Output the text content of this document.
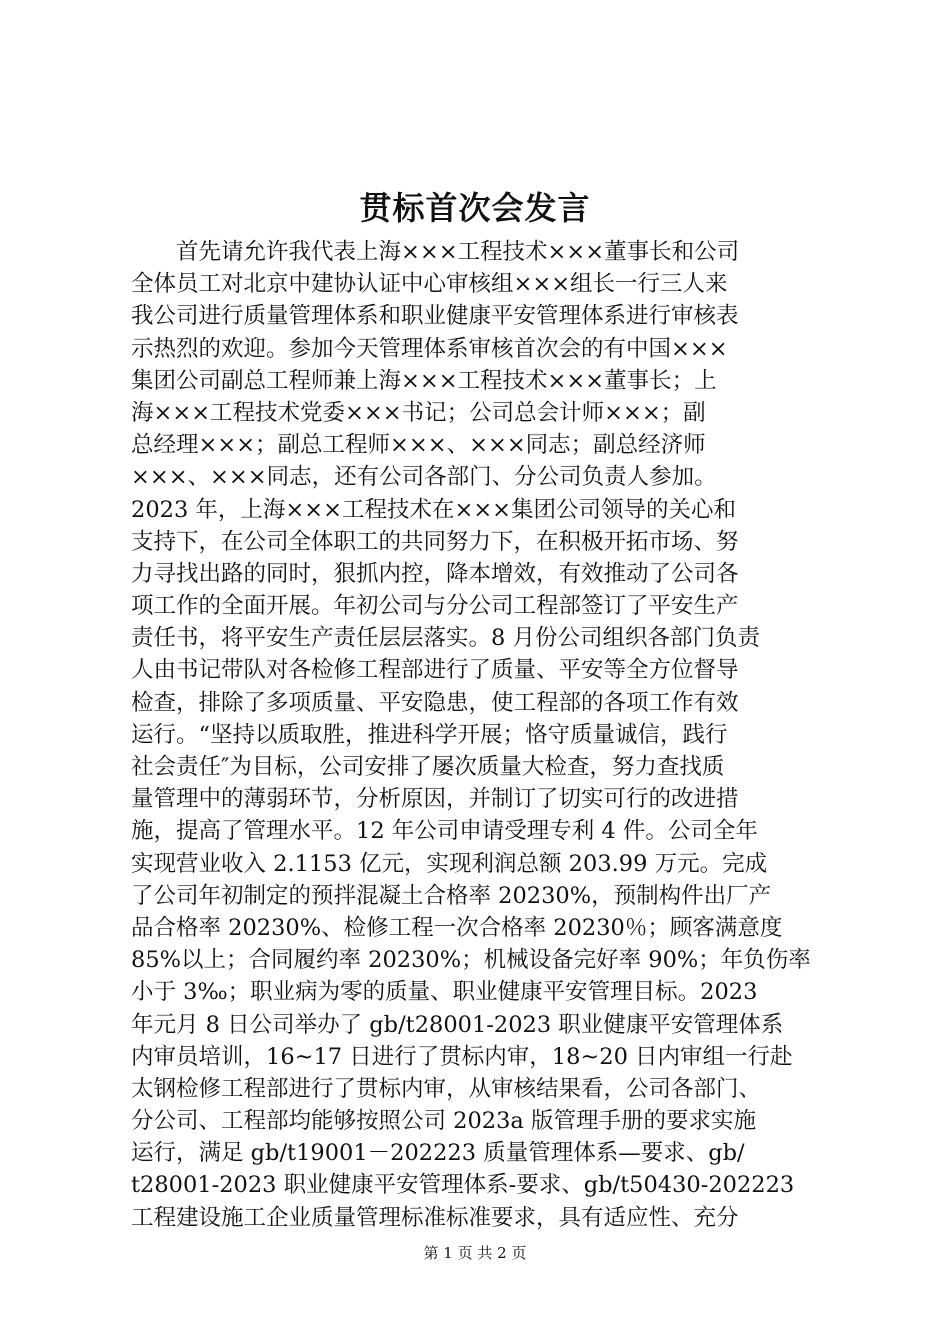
贯标首次会发言
　　首先请允许我代表上海×××工程技术×××董事长和公司
全体员工对北京中建协认证中心审核组×××组长一行三人来
我公司进行质量管理体系和职业健康平安管理体系进行审核表
示热烈的欢迎。参加今天管理体系审核首次会的有中国×××
集团公司副总工程师兼上海×××工程技术×××董事长；上
海×××工程技术党委×××书记；公司总会计师×××；副
总经理×××；副总工程师×××、×××同志；副总经济师
×××、×××同志，还有公司各部门、分公司负责人参加。
2023 年，上海×××工程技术在×××集团公司领导的关心和
支持下，在公司全体职工的共同努力下，在积极开拓市场、努
力寻找出路的同时，狠抓内控，降本增效，有效推动了公司各
项工作的全面开展。年初公司与分公司工程部签订了平安生产
责任书，将平安生产责任层层落实。8 月份公司组织各部门负责
人由书记带队对各检修工程部进行了质量、平安等全方位督导
检查，排除了多项质量、平安隐患，使工程部的各项工作有效
运行。“坚持以质取胜，推进科学开展；恪守质量诚信，践行
社会责任″为目标，公司安排了屡次质量大检查，努力查找质
量管理中的薄弱环节，分析原因，并制订了切实可行的改进措
施，提高了管理水平。12 年公司申请受理专利 4 件。公司全年
实现营业收入 2.1153 亿元，实现利润总额 203.99 万元。完成
了公司年初制定的预拌混凝土合格率 20230%，预制构件出厂产
品合格率 20230%、检修工程一次合格率 20230％；顾客满意度
85%以上；合同履约率 20230%；机械设备完好率 90%；年负伤率
小于 3‰；职业病为零的质量、职业健康平安管理目标。2023
年元月 8 日公司举办了 gb/t28001-2023 职业健康平安管理体系
内审员培训，16~17 日进行了贯标内审，18~20 日内审组一行赴
太钢检修工程部进行了贯标内审，从审核结果看，公司各部门、
分公司、工程部均能够按照公司 2023a 版管理手册的要求实施
运行，满足 gb/t19001－202223 质量管理体系—要求、gb/
t28001-2023 职业健康平安管理体系-要求、gb/t50430-202223
工程建设施工企业质量管理标准标准要求，具有适应性、充分
第 1 页 共 2 页
